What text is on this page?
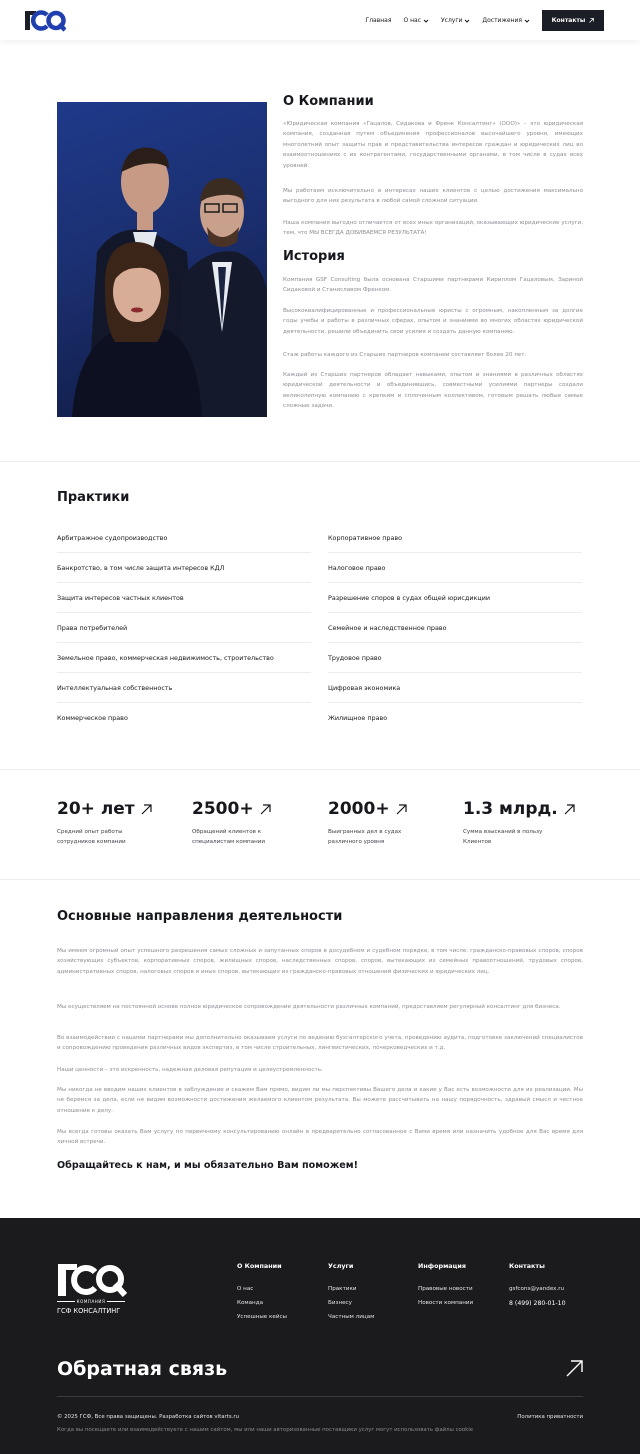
Главная О нас	Услуги	Достижения	Контакты
О Компании

«Юридическая компания «Гацалов, Сидакова и Френк Консалтинг» (ООО)» – это юридическая компания, созданная путем объединения профессионалов высочайшего уровня, имеющих многолетний опыт защиты прав и представительства интересов граждан и юридических лиц во взаимоотношениях с их контрагентами, государственными органами, в том числе в судах всех уровней.

Мы работаем исключительно в интересах наших клиентов с целью достижения максимально выгодного для них результата в любой самой сложной ситуации.

Наша компания выгодно отличается от всех иных организаций, оказывающих юридические услуги, тем, что МЫ ВСЕГДА ДОБИВАЕМСЯ РЕЗУЛЬТАТА!

История

Компания GSF Consulting была основана Старшими партнерами Кириллом Гацаловым, Зариной Сидаковой и Станиславом Френком.

Высококвалифицированные и профессиональные юристы с огромным, накопленным за долгие годы учебы и работы в различных сферах, опытом и знаниями во многих областях юридической деятельности, решили объединить свои усилия и создать данную компанию.

Стаж работы каждого из Старших партнеров компании составляет более 20 лет.

Каждый из Старших партнеров обладает навыками, опытом и знаниями в различных областях юридической деятельности и объединившись, совместными усилиями партнеры создали великолепную компанию с крепким и сплоченным коллективом, готовым решать любые самые сложные задачи.

Практики
Арбитражное судопроизводство
Банкротство, в том числе защита интересов КДЛ
Защита интересов частных клиентов
Права потребителей
Земельное право, коммерческая недвижимость, строительство
Интеллектуальная собственность
Коммерческое право
Корпоративное право
Налоговое право
Разрешение споров в судах общей юрисдикции
Семейное и наследственное право
Трудовое право
Цифровая экономика
Жилищное право
20+ лет
Средний опыт работы сотрудников компании
2500+
Обращений клиентов к специалистам компании
2000+
Выигранных дел в судах различного уровня
1.3 млрд.
Сумма взысканий в пользу Клиентов
Основные направления деятельности

Мы имеем огромный опыт успешного разрешения самых сложных и запутанных споров в досудебном и судебном порядке, в том числе: гражданско-правовых споров, споров хозяйствующих субъектов, корпоративных споров, жилищных споров, наследственных споров, споров, вытекающих из семейных правоотношений, трудовых споров, административных споров, налоговых споров и иных споров, вытекающих из гражданско-правовых отношений физических и юридических лиц.

Мы осуществляем на постоянной основе полное юридическое сопровождение деятельности различных компаний, предоставляем регулярный консалтинг для бизнеса.

Во взаимодействии с нашими партнерами мы дополнительно оказываем услуги по ведению бухгалтерского учета, проведению аудита, подготовке заключений специалистов и сопровождению проведения различных видов экспертиз, в том числе строительных, лингвистических, почерковедческих и т.д.

Наши ценности – это искренность, надежная деловая репутация и целеустремленность.

Мы никогда не вводим наших клиентов в заблуждение и скажем Вам прямо, видим ли мы перспективы Вашего дела и какие у Вас есть возможности для их реализации. Мы не беремся за дела, если не видим возможности достижения желаемого клиентом результата. Вы можете рассчитывать на нашу порядочность, здравый смысл и честное отношение к делу.

Мы всегда готовы оказать Вам услугу по первичному консультированию онлайн в предварительно согласованное с Вами время или назначить удобное для Вас время для личной встречи.

Обращайтесь к нам, и мы обязательно Вам поможем!

КОМПАНИЯ
ГСФ КОНСАЛТИНГ
О Компании
О нас
Команда
Успешные кейсы
Услуги
Практики
Бизнесу
Частным лицам
Информация
Правовые новости
Новости компании
Контакты
gsfcons@yandex.ru
8 (499) 280-01-10
Обратная связь
© 2025 ГСФ, Все права защищены. Разработка сайтов vitarts.ru	Политика приватности
Когда вы посещаете или взаимодействуете с нашим сайтом, мы или наши авторизованные поставщики услуг могут использовать файлы cookie
